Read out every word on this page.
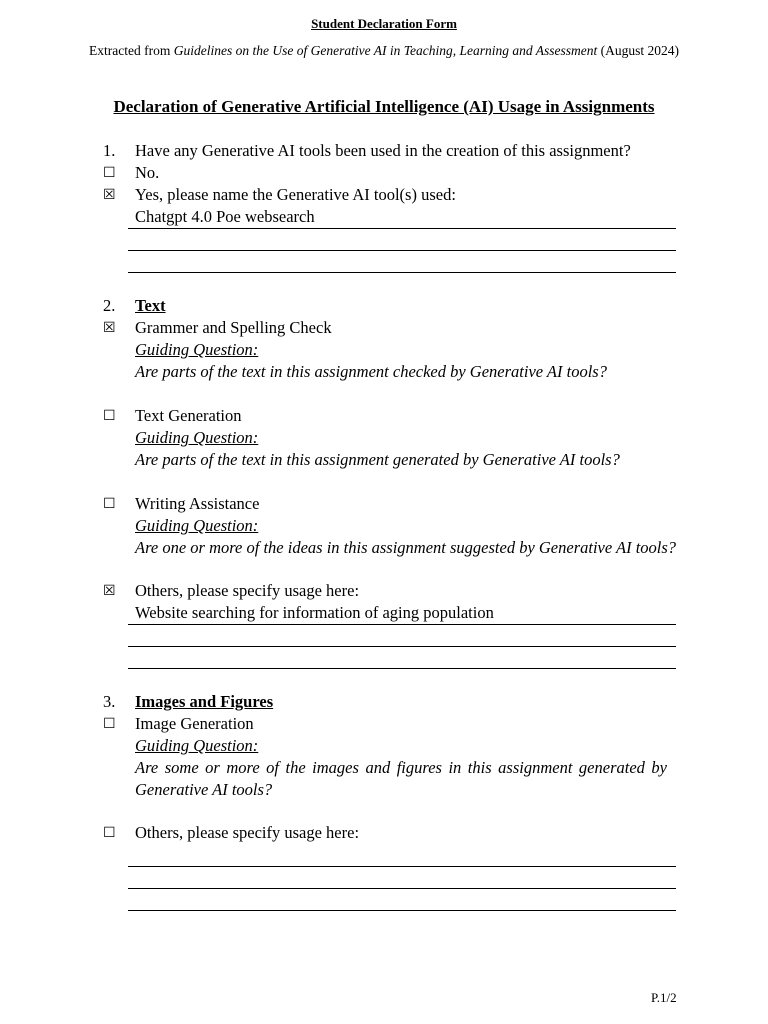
Student Declaration Form
Extracted from Guidelines on the Use of Generative AI in Teaching, Learning and Assessment (August 2024)
Declaration of Generative Artificial Intelligence (AI) Usage in Assignments
1.	Have any Generative AI tools been used in the creation of this assignment?
☐	No.
☒	Yes, please name the Generative AI tool(s) used:
Chatgpt 4.0 Poe websearch
2.	Text
☒	Grammer and Spelling Check
Guiding Question:
Are parts of the text in this assignment checked by Generative AI tools?
☐	Text Generation
Guiding Question:
Are parts of the text in this assignment generated by Generative AI tools?
☐	Writing Assistance
Guiding Question:
Are one or more of the ideas in this assignment suggested by Generative AI tools?
☒	Others, please specify usage here:
Website searching for information of aging population
3.	Images and Figures
☐	Image Generation
Guiding Question:
Are some or more of the images and figures in this assignment generated by Generative AI tools?
☐	Others, please specify usage here:
P.1/2
